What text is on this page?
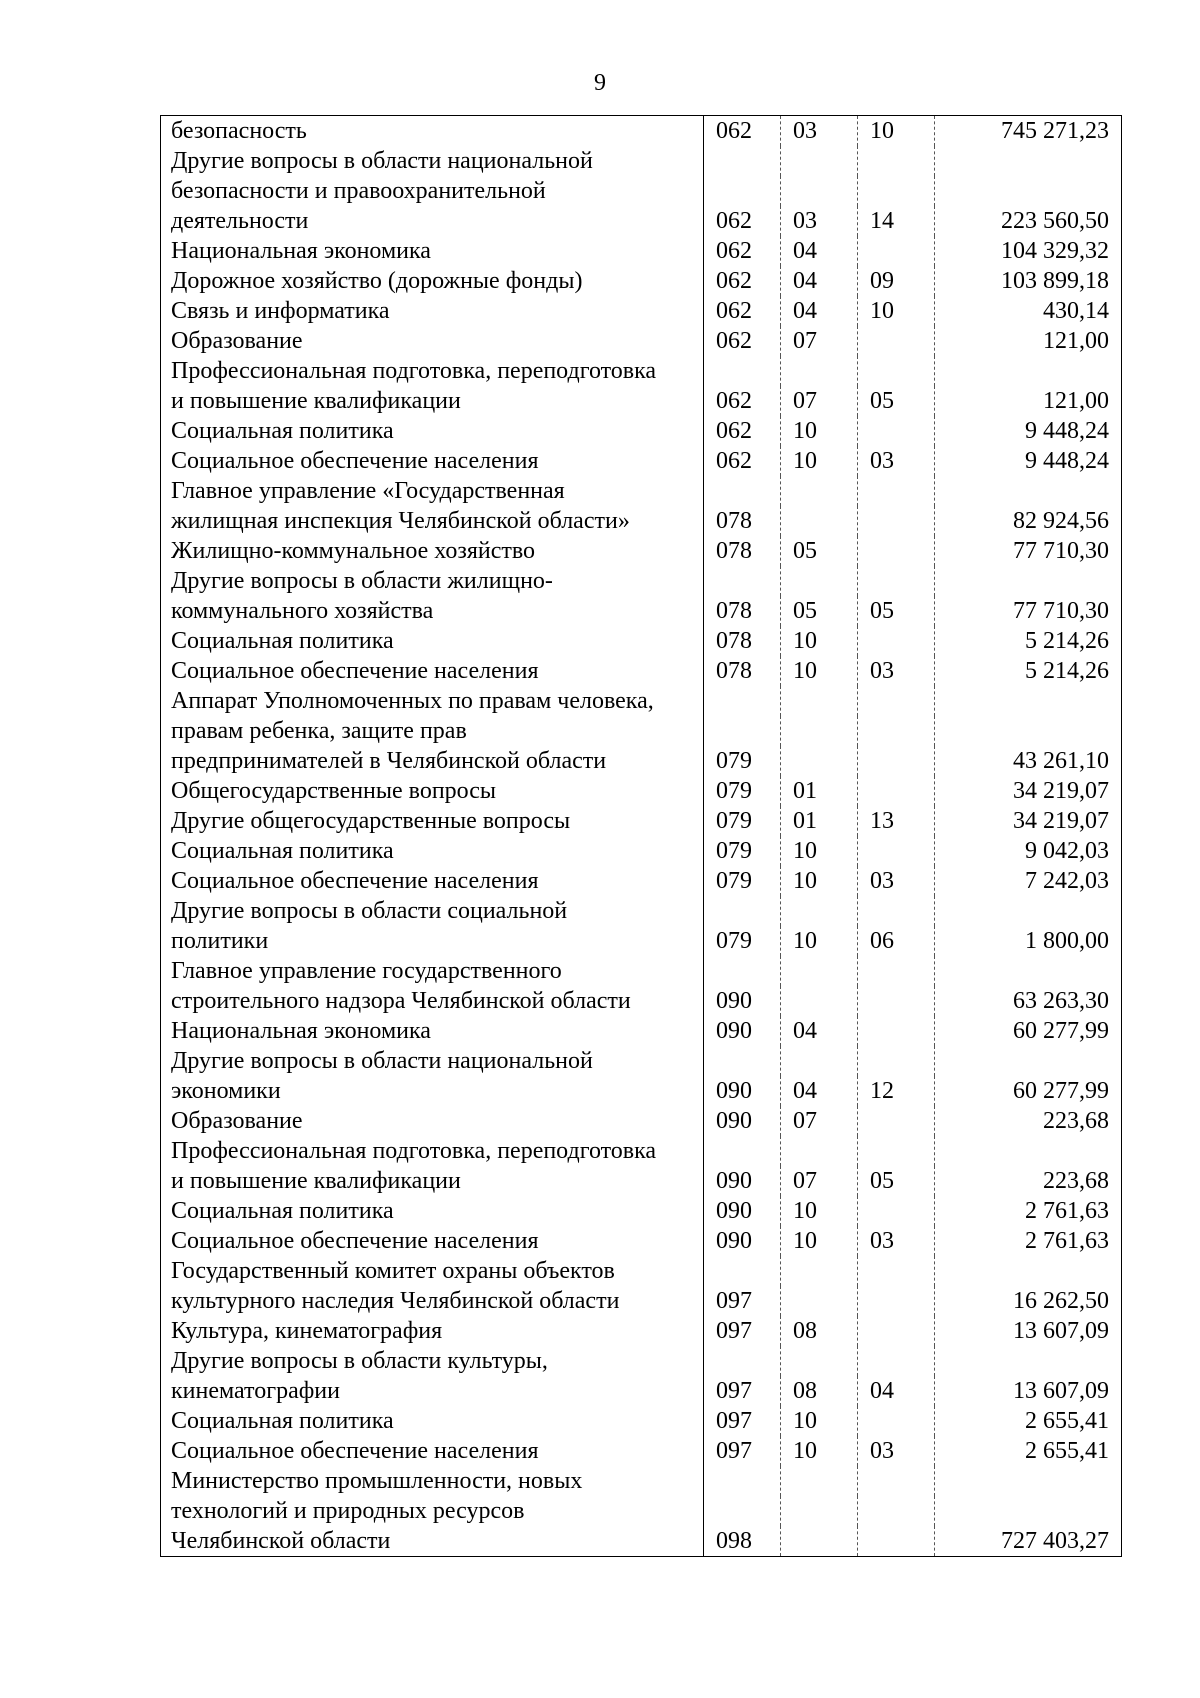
9
безопасность	062	03	10	745 271,23
Другие вопросы в области национальной				
безопасности и правоохранительной				
деятельности	062	03	14	223 560,50
Национальная экономика	062	04		104 329,32
Дорожное хозяйство (дорожные фонды)	062	04	09	103 899,18
Связь и информатика	062	04	10	430,14
Образование	062	07		121,00
Профессиональная подготовка, переподготовка				
и повышение квалификации	062	07	05	121,00
Социальная политика	062	10		9 448,24
Социальное обеспечение населения	062	10	03	9 448,24
Главное управление «Государственная				
жилищная инспекция Челябинской области»	078			82 924,56
Жилищно-коммунальное хозяйство	078	05		77 710,30
Другие вопросы в области жилищно-				
коммунального хозяйства	078	05	05	77 710,30
Социальная политика	078	10		5 214,26
Социальное обеспечение населения	078	10	03	5 214,26
Аппарат Уполномоченных по правам человека,				
правам ребенка, защите прав				
предпринимателей в Челябинской области	079			43 261,10
Общегосударственные вопросы	079	01		34 219,07
Другие общегосударственные вопросы	079	01	13	34 219,07
Социальная политика	079	10		9 042,03
Социальное обеспечение населения	079	10	03	7 242,03
Другие вопросы в области социальной				
политики	079	10	06	1 800,00
Главное управление государственного				
строительного надзора Челябинской области	090			63 263,30
Национальная экономика	090	04		60 277,99
Другие вопросы в области национальной				
экономики	090	04	12	60 277,99
Образование	090	07		223,68
Профессиональная подготовка, переподготовка				
и повышение квалификации	090	07	05	223,68
Социальная политика	090	10		2 761,63
Социальное обеспечение населения	090	10	03	2 761,63
Государственный комитет охраны объектов				
культурного наследия Челябинской области	097			16 262,50
Культура, кинематография	097	08		13 607,09
Другие вопросы в области культуры,				
кинематографии	097	08	04	13 607,09
Социальная политика	097	10		2 655,41
Социальное обеспечение населения	097	10	03	2 655,41
Министерство промышленности, новых				
технологий и природных ресурсов				
Челябинской области	098			727 403,27
